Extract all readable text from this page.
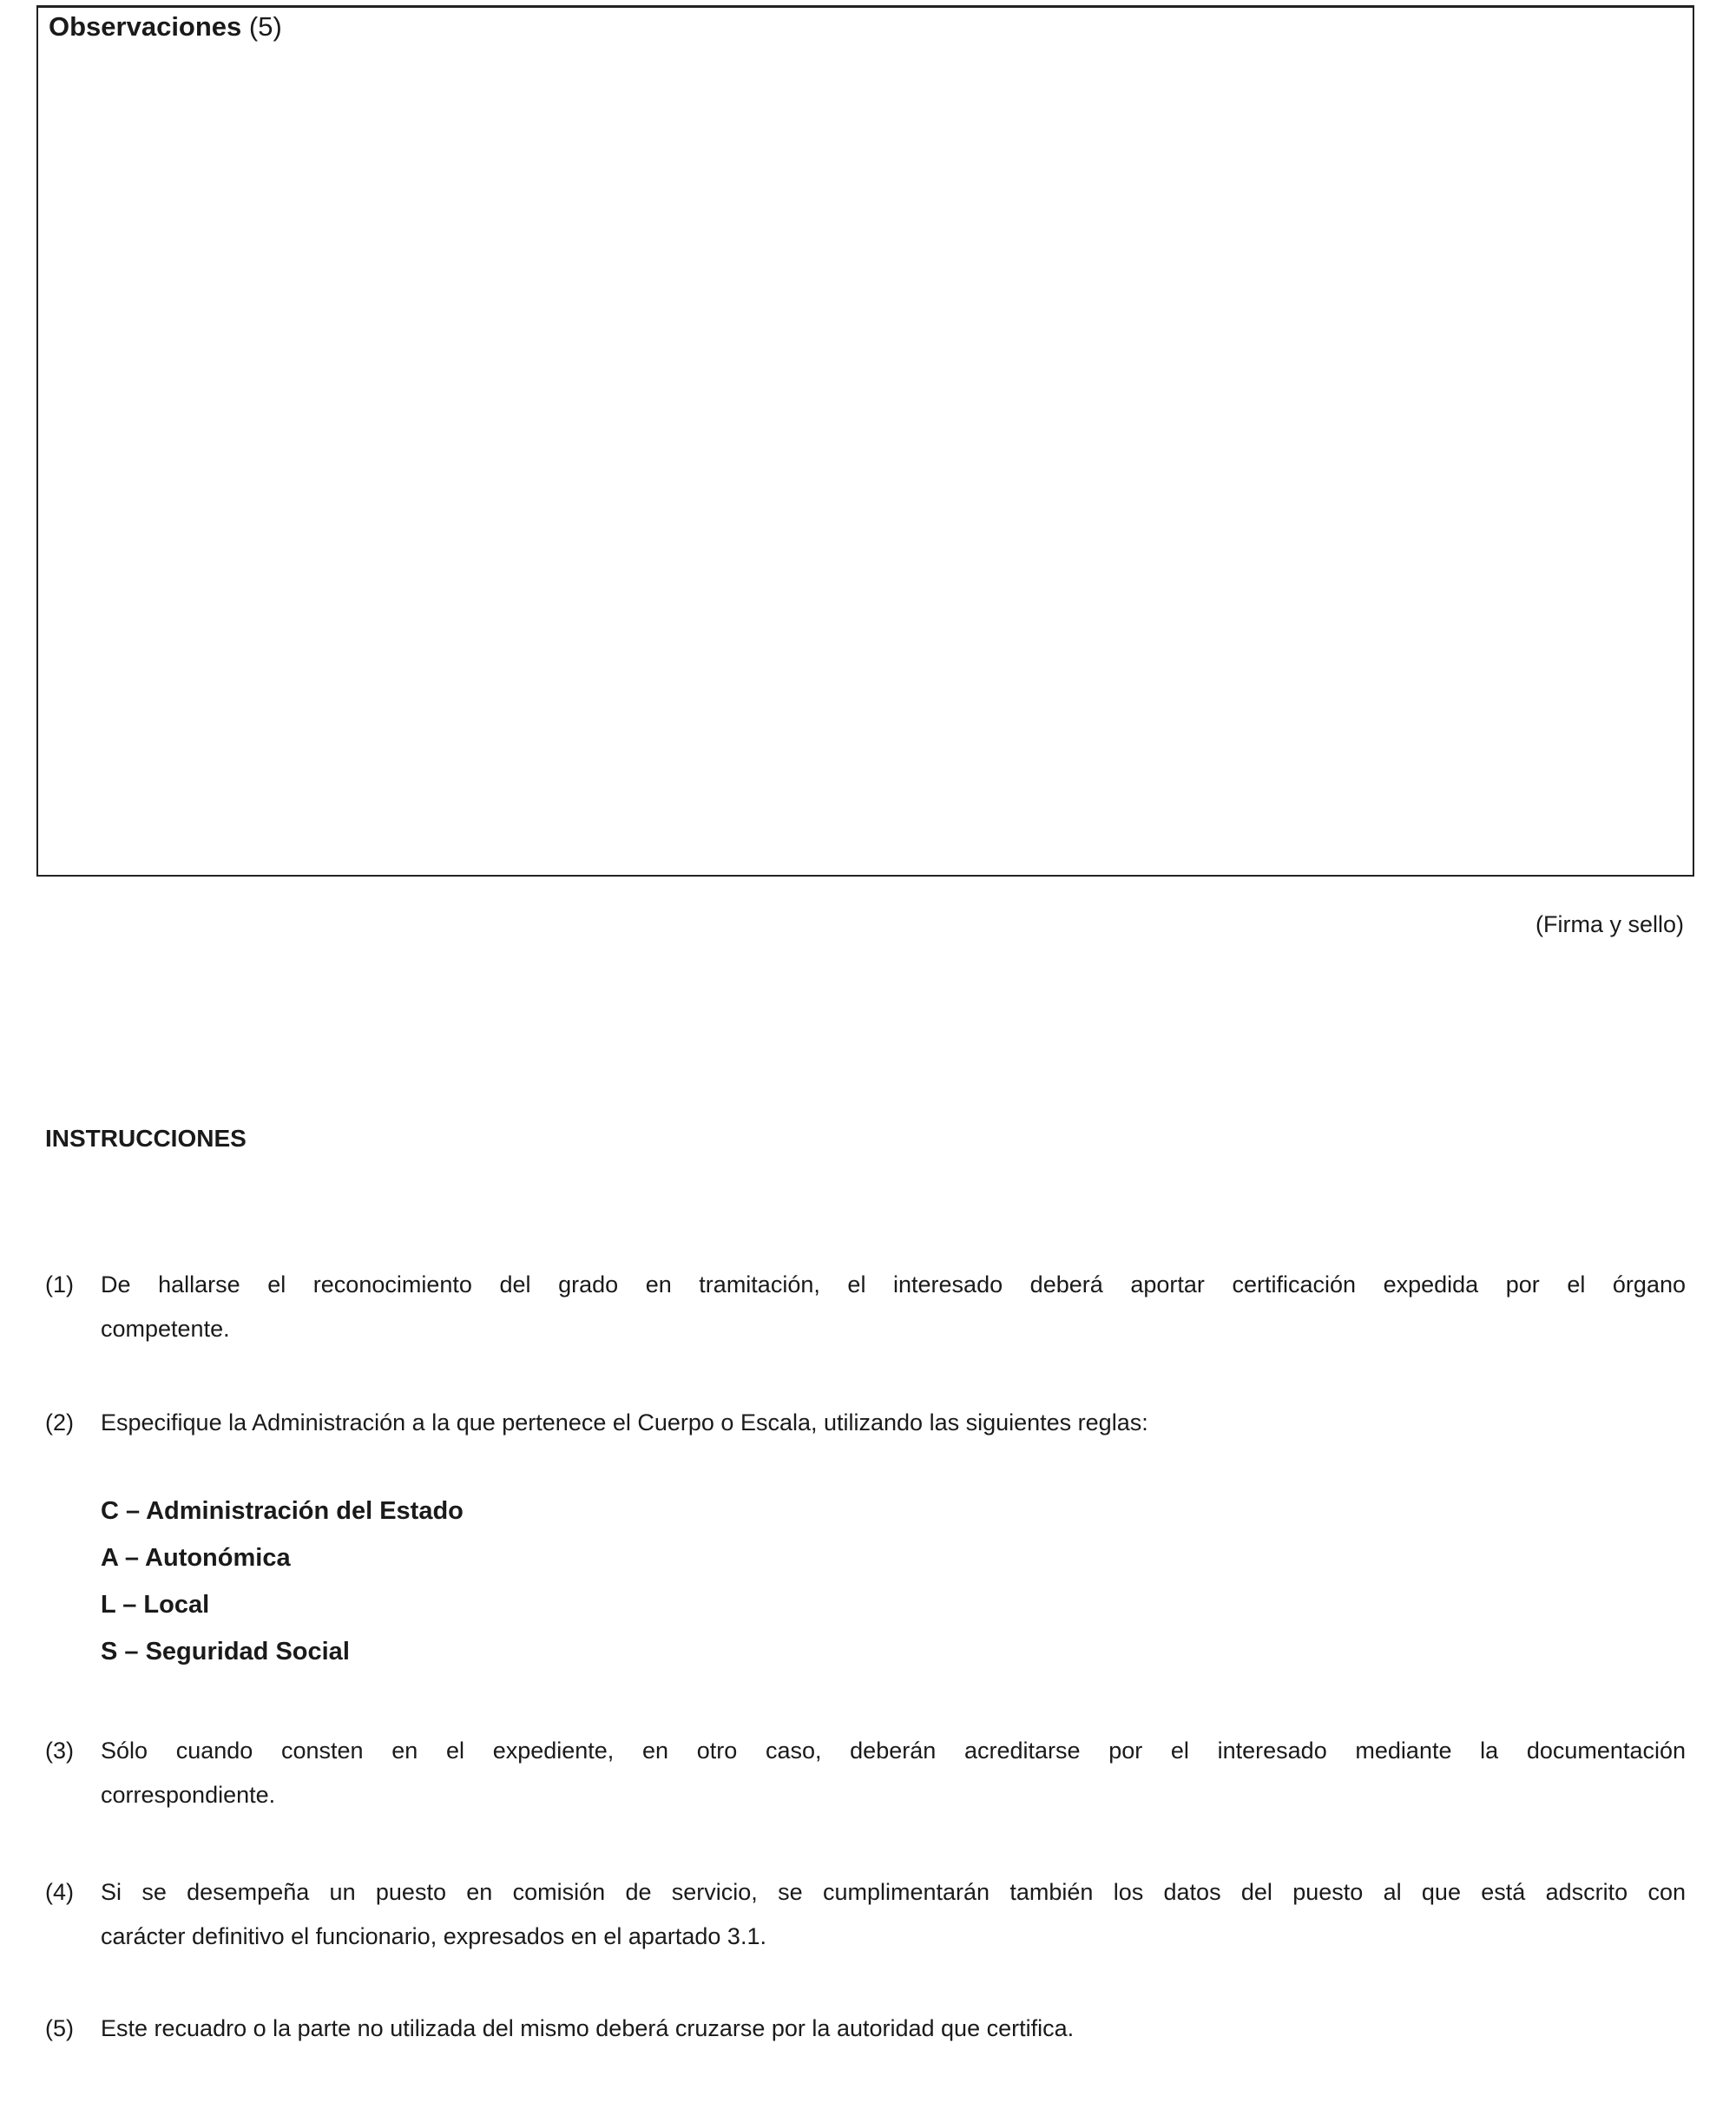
Observaciones (5)
(Firma y sello)
INSTRUCCIONES
(1) De hallarse el reconocimiento del grado en tramitación, el interesado deberá aportar certificación expedida por el órgano
competente.
(2) Especifique la Administración a la que pertenece el Cuerpo o Escala, utilizando las siguientes reglas:
C – Administración del Estado
A – Autonómica
L – Local
S – Seguridad Social
(3) Sólo cuando consten en el expediente, en otro caso, deberán acreditarse por el interesado mediante la documentación
correspondiente.
(4) Si se desempeña un puesto en comisión de servicio, se cumplimentarán también los datos del puesto al que está adscrito con
carácter definitivo el funcionario, expresados en el apartado 3.1.
(5) Este recuadro o la parte no utilizada del mismo deberá cruzarse por la autoridad que certifica.
